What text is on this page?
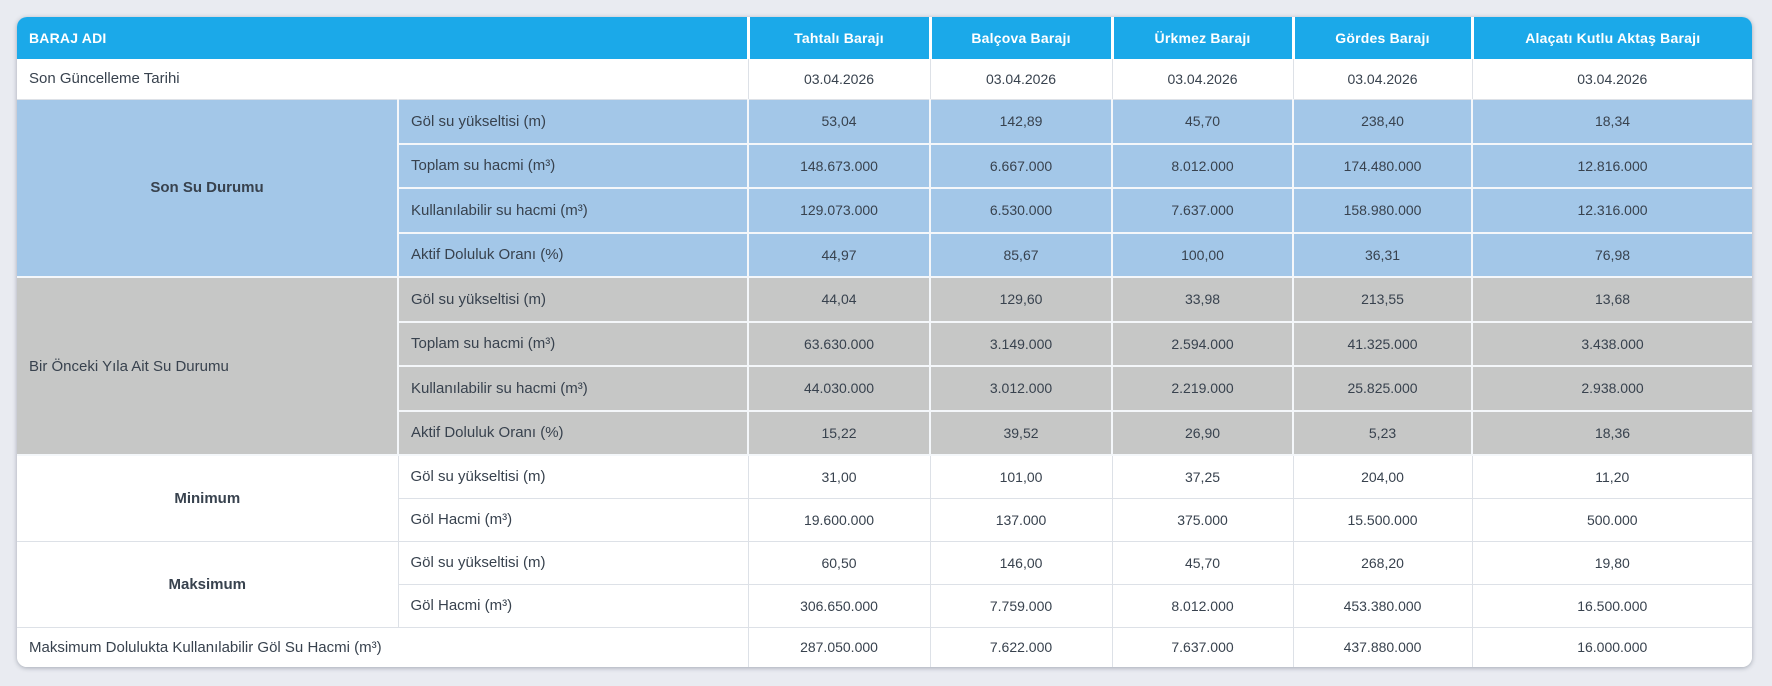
BARAJ ADI		Tahtalı Barajı	Balçova Barajı	Ürkmez Barajı	Gördes Barajı	Alaçatı Kutlu Aktaş Barajı
Son Güncelleme Tarihi		03.04.2026	03.04.2026	03.04.2026	03.04.2026	03.04.2026
Son Su Durumu	Göl su yükseltisi (m)	53,04	142,89	45,70	238,40	18,34
	Toplam su hacmi (m³)	148.673.000	6.667.000	8.012.000	174.480.000	12.816.000
	Kullanılabilir su hacmi (m³)	129.073.000	6.530.000	7.637.000	158.980.000	12.316.000
	Aktif Doluluk Oranı (%)	44,97	85,67	100,00	36,31	76,98
Bir Önceki Yıla Ait Su Durumu	Göl su yükseltisi (m)	44,04	129,60	33,98	213,55	13,68
	Toplam su hacmi (m³)	63.630.000	3.149.000	2.594.000	41.325.000	3.438.000
	Kullanılabilir su hacmi (m³)	44.030.000	3.012.000	2.219.000	25.825.000	2.938.000
	Aktif Doluluk Oranı (%)	15,22	39,52	26,90	5,23	18,36
Minimum	Göl su yükseltisi (m)	31,00	101,00	37,25	204,00	11,20
	Göl Hacmi (m³)	19.600.000	137.000	375.000	15.500.000	500.000
Maksimum	Göl su yükseltisi (m)	60,50	146,00	45,70	268,20	19,80
	Göl Hacmi (m³)	306.650.000	7.759.000	8.012.000	453.380.000	16.500.000
Maksimum Dolulukta Kullanılabilir Göl Su Hacmi (m³)		287.050.000	7.622.000	7.637.000	437.880.000	16.000.000
